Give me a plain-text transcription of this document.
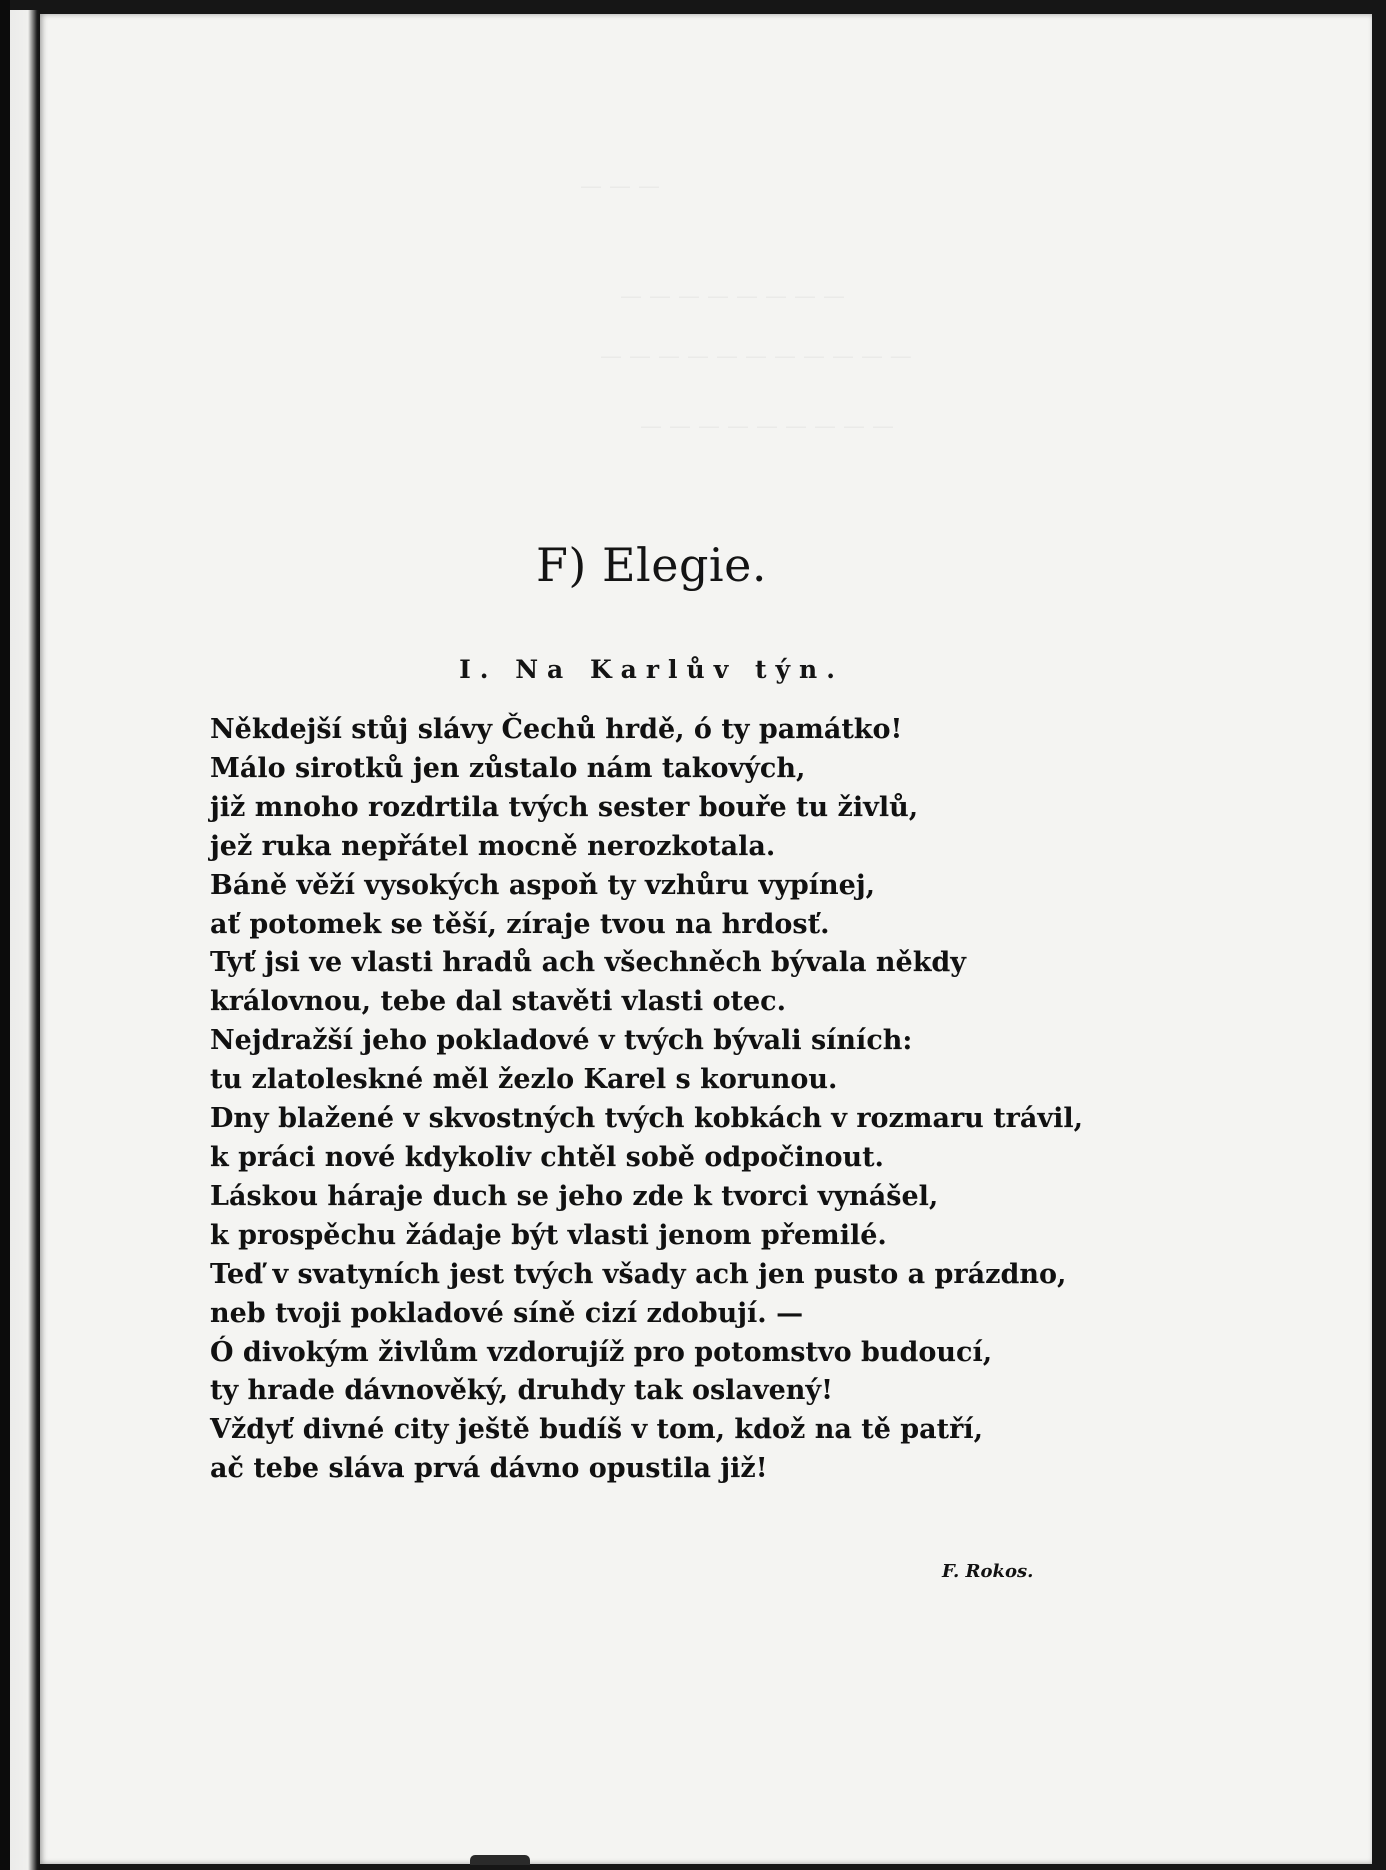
F) Elegie.
I. Na Karlův týn.
Někdejší stůj slávy Čechů hrdě, ó ty památko!
Málo sirotků jen zůstalo nám takových,
již mnoho rozdrtila tvých sester bouře tu živlů,
jež ruka nepřátel mocně nerozkotala.
Báně věží vysokých aspoň ty vzhůru vypínej,
ať potomek se těší, zíraje tvou na hrdosť.
Tyť jsi ve vlasti hradů ach všechněch bývala někdy
královnou, tebe dal stavěti vlasti otec.
Nejdražší jeho pokladové v tvých bývali síních:
tu zlatoleskné měl žezlo Karel s korunou.
Dny blažené v skvostných tvých kobkách v rozmaru trávil,
k práci nové kdykoliv chtěl sobě odpočinout.
Láskou háraje duch se jeho zde k tvorci vynášel,
k prospěchu žádaje být vlasti jenom přemilé.
Teď v svatyních jest tvých všady ach jen pusto a prázdno,
neb tvoji pokladové síně cizí zdobují. —
Ó divokým živlům vzdorujíž pro potomstvo budoucí,
ty hrade dávnověký, druhdy tak oslavený!
Vždyť divné city ještě budíš v tom, kdož na tě patří,
ač tebe sláva prvá dávno opustila již!
F. Rokos.
